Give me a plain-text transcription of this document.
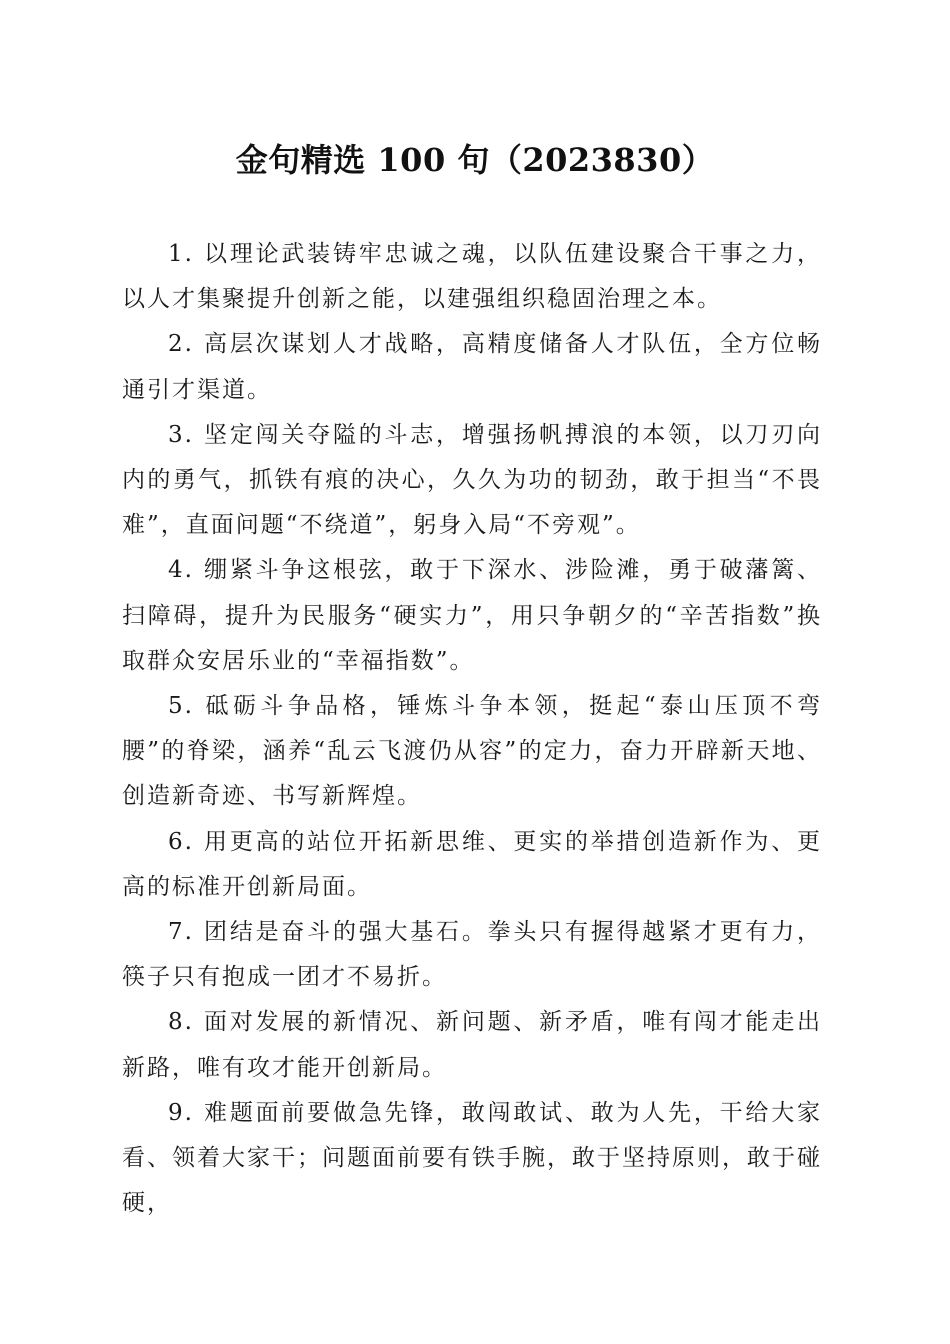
金句精选 100 句（2023830）

1. 以理论武装铸牢忠诚之魂，以队伍建设聚合干事之力，以人才集聚提升创新之能，以建强组织稳固治理之本。

2. 高层次谋划人才战略，高精度储备人才队伍，全方位畅通引才渠道。

3. 坚定闯关夺隘的斗志，增强扬帆搏浪的本领，以刀刃向内的勇气，抓铁有痕的决心，久久为功的韧劲，敢于担当“不畏难”，直面问题“不绕道”，躬身入局“不旁观”。

4. 绷紧斗争这根弦，敢于下深水、涉险滩，勇于破藩篱、扫障碍，提升为民服务“硬实力”，用只争朝夕的“辛苦指数”换取群众安居乐业的“幸福指数”。

5. 砥砺斗争品格，锤炼斗争本领，挺起“泰山压顶不弯腰”的脊梁，涵养“乱云飞渡仍从容”的定力，奋力开辟新天地、创造新奇迹、书写新辉煌。

6. 用更高的站位开拓新思维、更实的举措创造新作为、更高的标准开创新局面。

7. 团结是奋斗的强大基石。拳头只有握得越紧才更有力，筷子只有抱成一团才不易折。

8. 面对发展的新情况、新问题、新矛盾，唯有闯才能走出新路，唯有攻才能开创新局。

9. 难题面前要做急先锋，敢闯敢试、敢为人先，干给大家看、领着大家干；问题面前要有铁手腕，敢于坚持原则，敢于碰硬，
